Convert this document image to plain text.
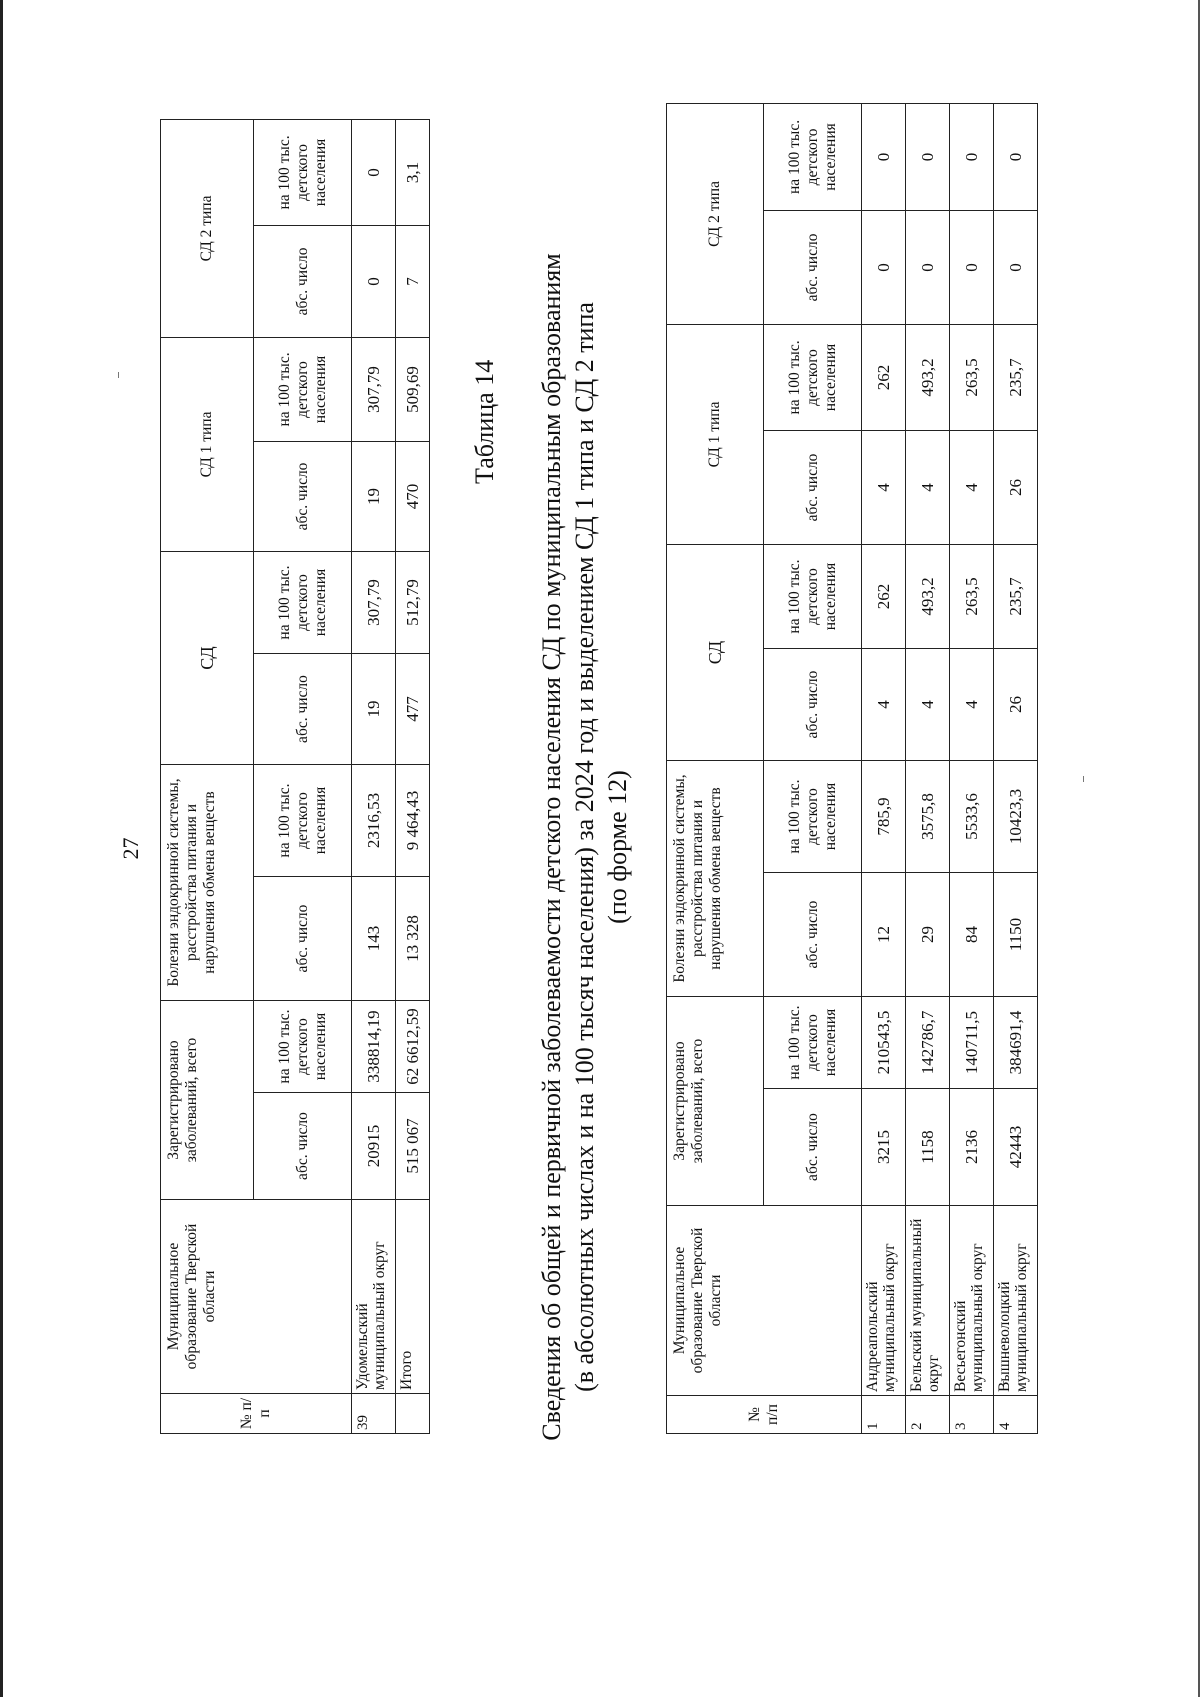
27
№ п/п	Муниципальное образование Тверской области	Зарегистрировано заболеваний, всего		Болезни эндокринной системы, расстройства питания и нарушения обмена веществ		СД		СД 1 типа		СД 2 типа	
		абс. число	на 100 тыс. детского населения	абс. число	на 100 тыс. детского населения	абс. число	на 100 тыс. детского населения	абс. число	на 100 тыс. детского населения	абс. число	на 100 тыс. детского населения
39	Удомельский муниципальный округ	20915	338814,19	143	2316,53	19	307,79	19	307,79	0	0
	Итого	515 067	62 6612,59	13 328	9 464,43	477	512,79	470	509,69	7	3,1
Таблица 14 Сведения об общей и первичной заболеваемости детского населения СД по муниципальным образованиям (в абсолютных числах и на 100 тысяч населения) за 2024 год и выделением СД 1 типа и СД 2 типа (по форме 12)
№ п/п	Муниципальное образование Тверской области	Зарегистрировано заболеваний, всего		Болезни эндокринной системы, расстройства питания и нарушения обмена веществ		СД		СД 1 типа		СД 2 типа	
		абс. число	на 100 тыс. детского населения	абс. число	на 100 тыс. детского населения	абс. число	на 100 тыс. детского населения	абс. число	на 100 тыс. детского населения	абс. число	на 100 тыс. детского населения
1	Андреапольский муниципальный округ	3215	210543,5	12	785,9	4	262	4	262	0	0
2	Бельский муниципальный округ	1158	142786,7	29	3575,8	4	493,2	4	493,2	0	0
3	Весьегонский муниципальный округ	2136	140711,5	84	5533,6	4	263,5	4	263,5	0	0
4	Вышневолоцкий муниципальный округ	42443	384691,4	1150	10423,3	26	235,7	26	235,7	0	0
